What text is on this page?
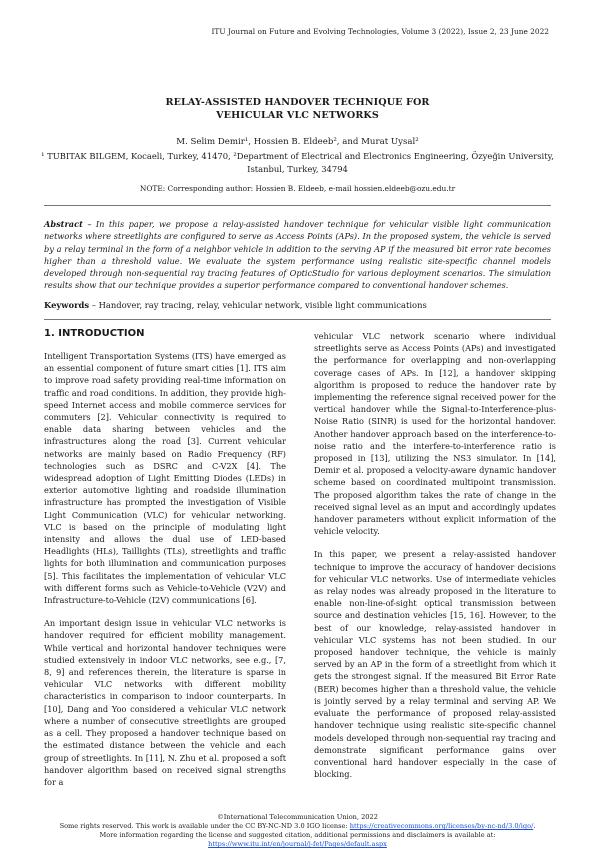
ITU Journal on Future and Evolving Technologies, Volume 3 (2022), Issue 2, 23 June 2022
RELAY-ASSISTED HANDOVER TECHNIQUE FOR
VEHICULAR VLC NETWORKS
M. Selim Demir¹, Hossien B. Eldeeb², and Murat Uysal²
¹ TUBITAK BILGEM, Kocaeli, Turkey, 41470, ²Department of Electrical and Electronics Engineering, Özyeğin University, Istanbul, Turkey, 34794
NOTE: Corresponding author: Hossien B. Eldeeb, e-mail hossien.eldeeb@ozu.edu.tr
Abstract – In this paper, we propose a relay-assisted handover technique for vehicular visible light communication networks where streetlights are configured to serve as Access Points (APs). In the proposed system, the vehicle is served by a relay terminal in the form of a neighbor vehicle in addition to the serving AP if the measured bit error rate becomes higher than a threshold value. We evaluate the system performance using realistic site-specific channel models developed through non-sequential ray tracing features of OpticStudio for various deployment scenarios. The simulation results show that our technique provides a superior performance compared to conventional handover schemes.
Keywords – Handover, ray tracing, relay, vehicular network, visible light communications
1. INTRODUCTION

Intelligent Transportation Systems (ITS) have emerged as an essential component of future smart cities [1]. ITS aim to improve road safety providing real-time information on traffic and road conditions. In addition, they provide high-speed Internet access and mobile commerce services for commuters [2]. Vehicular connectivity is required to enable data sharing between vehicles and the infrastructures along the road [3]. Current vehicular networks are mainly based on Radio Frequency (RF) technologies such as DSRC and C-V2X [4]. The widespread adoption of Light Emitting Diodes (LEDs) in exterior automotive lighting and roadside illumination infrastructure has prompted the investigation of Visible Light Communication (VLC) for vehicular networking. VLC is based on the principle of modulating light intensity and allows the dual use of LED-based Headlights (HLs), Taillights (TLs), streetlights and traffic lights for both illumination and communication purposes [5]. This facilitates the implementation of vehicular VLC with different forms such as Vehicle-to-Vehicle (V2V) and Infrastructure-to-Vehicle (I2V) communications [6].

An important design issue in vehicular VLC networks is handover required for efficient mobility management. While vertical and horizontal handover techniques were studied extensively in indoor VLC networks, see e.g., [7, 8, 9] and references therein, the literature is sparse in vehicular VLC networks with different mobility characteristics in comparison to indoor counterparts. In [10], Dang and Yoo considered a vehicular VLC network where a number of consecutive streetlights are grouped as a cell. They proposed a handover technique based on the estimated distance between the vehicle and each group of streetlights. In [11], N. Zhu et al. proposed a soft handover algorithm based on received signal strengths for a

vehicular VLC network scenario where individual streetlights serve as Access Points (APs) and investigated the performance for overlapping and non-overlapping coverage cases of APs. In [12], a handover skipping algorithm is proposed to reduce the handover rate by implementing the reference signal received power for the vertical handover while the Signal-to-Interference-plus-Noise Ratio (SINR) is used for the horizontal handover. Another handover approach based on the interference-to-noise ratio and the interfere-to-interference ratio is proposed in [13], utilizing the NS3 simulator. In [14], Demir et al. proposed a velocity-aware dynamic handover scheme based on coordinated multipoint transmission. The proposed algorithm takes the rate of change in the received signal level as an input and accordingly updates handover parameters without explicit information of the vehicle velocity.

In this paper, we present a relay-assisted handover technique to improve the accuracy of handover decisions for vehicular VLC networks. Use of intermediate vehicles as relay nodes was already proposed in the literature to enable non-line-of-sight optical transmission between source and destination vehicles [15, 16]. However, to the best of our knowledge, relay-assisted handover in vehicular VLC systems has not been studied. In our proposed handover technique, the vehicle is mainly served by an AP in the form of a streetlight from which it gets the strongest signal. If the measured Bit Error Rate (BER) becomes higher than a threshold value, the vehicle is jointly served by a relay terminal and serving AP. We evaluate the performance of proposed relay-assisted handover technique using realistic site-specific channel models developed through non-sequential ray tracing and demonstrate significant performance gains over conventional hard handover especially in the case of blocking.

©International Telecommunication Union, 2022
Some rights reserved. This work is available under the CC BY-NC-ND 3.0 IGO license: https://creativecommons.org/licenses/by-nc-nd/3.0/igo/.
More information regarding the license and suggested citation, additional permissions and disclaimers is available at:
https://www.itu.int/en/journal/j-fet/Pages/default.aspx
